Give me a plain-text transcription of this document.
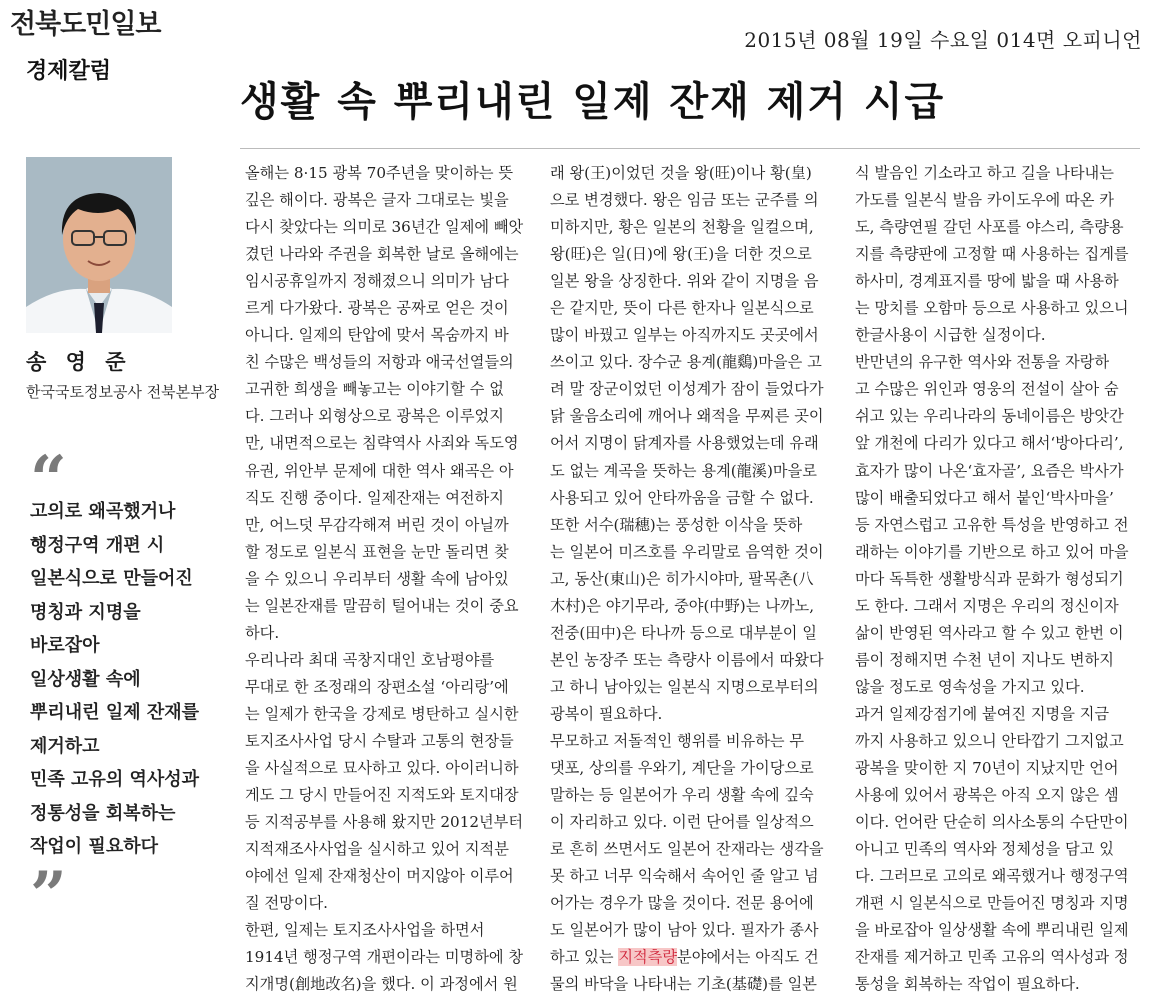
전북도민일보	2015년 08월 19일 수요일 014면 오피니언
경제칼럼
생활 속 뿌리내린 일제 잔재 제거 시급
송 영 준
한국국토정보공사 전북본부장
“
고의로 왜곡했거나
행정구역 개편 시
일본식으로 만들어진
명칭과 지명을
바로잡아
일상생활 속에
뿌리내린 일제 잔재를
제거하고
민족 고유의 역사성과
정통성을 회복하는
작업이 필요하다
”
올해는 8·15 광복 70주년을 맞이하는 뜻
깊은 해이다. 광복은 글자 그대로는 빛을
다시 찾았다는 의미로 36년간 일제에 빼앗
겼던 나라와 주권을 회복한 날로 올해에는
임시공휴일까지 정해졌으니 의미가 남다
르게 다가왔다. 광복은 공짜로 얻은 것이
아니다. 일제의 탄압에 맞서 목숨까지 바
친 수많은 백성들의 저항과 애국선열들의
고귀한 희생을 빼놓고는 이야기할 수 없
다. 그러나 외형상으로 광복은 이루었지
만, 내면적으로는 침략역사 사죄와 독도영
유권, 위안부 문제에 대한 역사 왜곡은 아
직도 진행 중이다. 일제잔재는 여전하지
만, 어느덧 무감각해져 버린 것이 아닐까
할 정도로 일본식 표현을 눈만 돌리면 찾
을 수 있으니 우리부터 생활 속에 남아있
는 일본잔재를 말끔히 털어내는 것이 중요
하다.
우리나라 최대 곡창지대인 호남평야를
무대로 한 조정래의 장편소설 ‘아리랑’에
는 일제가 한국을 강제로 병탄하고 실시한
토지조사사업 당시 수탈과 고통의 현장들
을 사실적으로 묘사하고 있다. 아이러니하
게도 그 당시 만들어진 지적도와 토지대장
등 지적공부를 사용해 왔지만 2012년부터
지적재조사사업을 실시하고 있어 지적분
야에선 일제 잔재청산이 머지않아 이루어
질 전망이다.
한편, 일제는 토지조사사업을 하면서
1914년 행정구역 개편이라는 미명하에 창
지개명(創地改名)을 했다. 이 과정에서 원
래 왕(王)이었던 것을 왕(旺)이나 황(皇)
으로 변경했다. 왕은 임금 또는 군주를 의
미하지만, 황은 일본의 천황을 일컬으며,
왕(旺)은 일(日)에 왕(王)을 더한 것으로
일본 왕을 상징한다. 위와 같이 지명을 음
은 같지만, 뜻이 다른 한자나 일본식으로
많이 바꿨고 일부는 아직까지도 곳곳에서
쓰이고 있다. 장수군 용계(龍鷄)마을은 고
려 말 장군이었던 이성계가 잠이 들었다가
닭 울음소리에 깨어나 왜적을 무찌른 곳이
어서 지명이 닭계자를 사용했었는데 유래
도 없는 계곡을 뜻하는 용계(龍溪)마을로
사용되고 있어 안타까움을 금할 수 없다.
또한 서수(瑞穗)는 풍성한 이삭을 뜻하
는 일본어 미즈호를 우리말로 음역한 것이
고, 동산(東山)은 히가시야마, 팔목촌(八
木村)은 야기무라, 중야(中野)는 나까노,
전중(田中)은 타나까 등으로 대부분이 일
본인 농장주 또는 측량사 이름에서 따왔다
고 하니 남아있는 일본식 지명으로부터의
광복이 필요하다.
무모하고 저돌적인 행위를 비유하는 무
댓포, 상의를 우와기, 계단을 가이당으로
말하는 등 일본어가 우리 생활 속에 깊숙
이 자리하고 있다. 이런 단어를 일상적으
로 흔히 쓰면서도 일본어 잔재라는 생각을
못 하고 너무 익숙해서 속어인 줄 알고 넘
어가는 경우가 많을 것이다. 전문 용어에
도 일본어가 많이 남아 있다. 필자가 종사
하고 있는 지적측량분야에서는 아직도 건
물의 바닥을 나타내는 기초(基礎)를 일본
식 발음인 기소라고 하고 길을 나타내는
가도를 일본식 발음 카이도우에 따온 카
도, 측량연필 갈던 사포를 야스리, 측량용
지를 측량판에 고정할 때 사용하는 집게를
하사미, 경계표지를 땅에 밟을 때 사용하
는 망치를 오함마 등으로 사용하고 있으니
한글사용이 시급한 실정이다.
반만년의 유구한 역사와 전통을 자랑하
고 수많은 위인과 영웅의 전설이 살아 숨
쉬고 있는 우리나라의 동네이름은 방앗간
앞 개천에 다리가 있다고 해서‘방아다리’,
효자가 많이 나온‘효자골’, 요즘은 박사가
많이 배출되었다고 해서 붙인‘박사마을’
등 자연스럽고 고유한 특성을 반영하고 전
래하는 이야기를 기반으로 하고 있어 마을
마다 독특한 생활방식과 문화가 형성되기
도 한다. 그래서 지명은 우리의 정신이자
삶이 반영된 역사라고 할 수 있고 한번 이
름이 정해지면 수천 년이 지나도 변하지
않을 정도로 영속성을 가지고 있다.
과거 일제강점기에 붙여진 지명을 지금
까지 사용하고 있으니 안타깝기 그지없고
광복을 맞이한 지 70년이 지났지만 언어
사용에 있어서 광복은 아직 오지 않은 셈
이다. 언어란 단순히 의사소통의 수단만이
아니고 민족의 역사와 정체성을 담고 있
다. 그러므로 고의로 왜곡했거나 행정구역
개편 시 일본식으로 만들어진 명칭과 지명
을 바로잡아 일상생활 속에 뿌리내린 일제
잔재를 제거하고 민족 고유의 역사성과 정
통성을 회복하는 작업이 필요하다.
